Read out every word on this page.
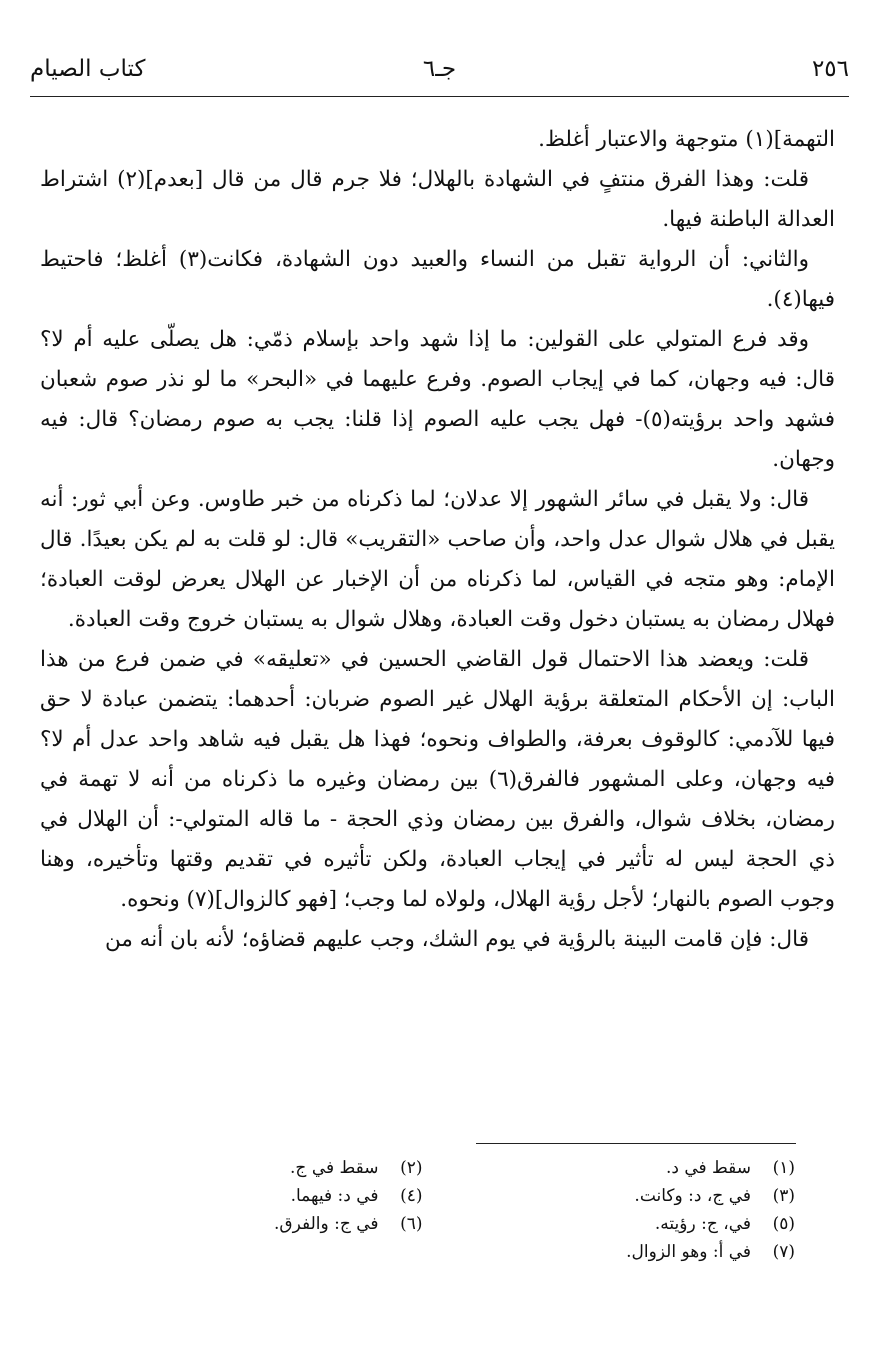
٢٥٦
جـ٦
كتاب الصيام

التهمة](١) متوجهة والاعتبار أغلظ.

قلت: وهذا الفرق منتفٍ في الشهادة بالهلال؛ فلا جرم قال من قال [بعدم](٢) اشتراط العدالة الباطنة فيها.

والثاني: أن الرواية تقبل من النساء والعبيد دون الشهادة، فكانت(٣) أغلظ؛ فاحتيط فيها(٤).

وقد فرع المتولي على القولين: ما إذا شهد واحد بإسلام ذمّي: هل يصلّى عليه أم لا؟ قال: فيه وجهان، كما في إيجاب الصوم. وفرع عليهما في «البحر» ما لو نذر صوم شعبان فشهد واحد برؤيته(٥)- فهل يجب عليه الصوم إذا قلنا: يجب به صوم رمضان؟ قال: فيه وجهان.

قال: ولا يقبل في سائر الشهور إلا عدلان؛ لما ذكرناه من خبر طاوس. وعن أبي ثور: أنه يقبل في هلال شوال عدل واحد، وأن صاحب «التقريب» قال: لو قلت به لم يكن بعيدًا. قال الإمام: وهو متجه في القياس، لما ذكرناه من أن الإخبار عن الهلال يعرض لوقت العبادة؛ فهلال رمضان به يستبان دخول وقت العبادة، وهلال شوال به يستبان خروج وقت العبادة.

قلت: ويعضد هذا الاحتمال قول القاضي الحسين في «تعليقه» في ضمن فرع من هذا الباب: إن الأحكام المتعلقة برؤية الهلال غير الصوم ضربان: أحدهما: يتضمن عبادة لا حق فيها للآدمي: كالوقوف بعرفة، والطواف ونحوه؛ فهذا هل يقبل فيه شاهد واحد عدل أم لا؟ فيه وجهان، وعلى المشهور فالفرق(٦) بين رمضان وغيره ما ذكرناه من أنه لا تهمة في رمضان، بخلاف شوال، والفرق بين رمضان وذي الحجة - ما قاله المتولي-: أن الهلال في ذي الحجة ليس له تأثير في إيجاب العبادة، ولكن تأثيره في تقديم وقتها وتأخيره، وهنا وجوب الصوم بالنهار؛ لأجل رؤية الهلال، ولولاه لما وجب؛ [فهو كالزوال](٧) ونحوه.

قال: فإن قامت البينة بالرؤية في يوم الشك، وجب عليهم قضاؤه؛ لأنه بان أنه من

(١)
سقط في د.
(٢)
سقط في ج.
(٣)
في ج، د: وكانت.
(٤)
في د: فيهما.
(٥)
في، ج: رؤيته.
(٦)
في ج: والفرق.
(٧)
في أ: وهو الزوال.
